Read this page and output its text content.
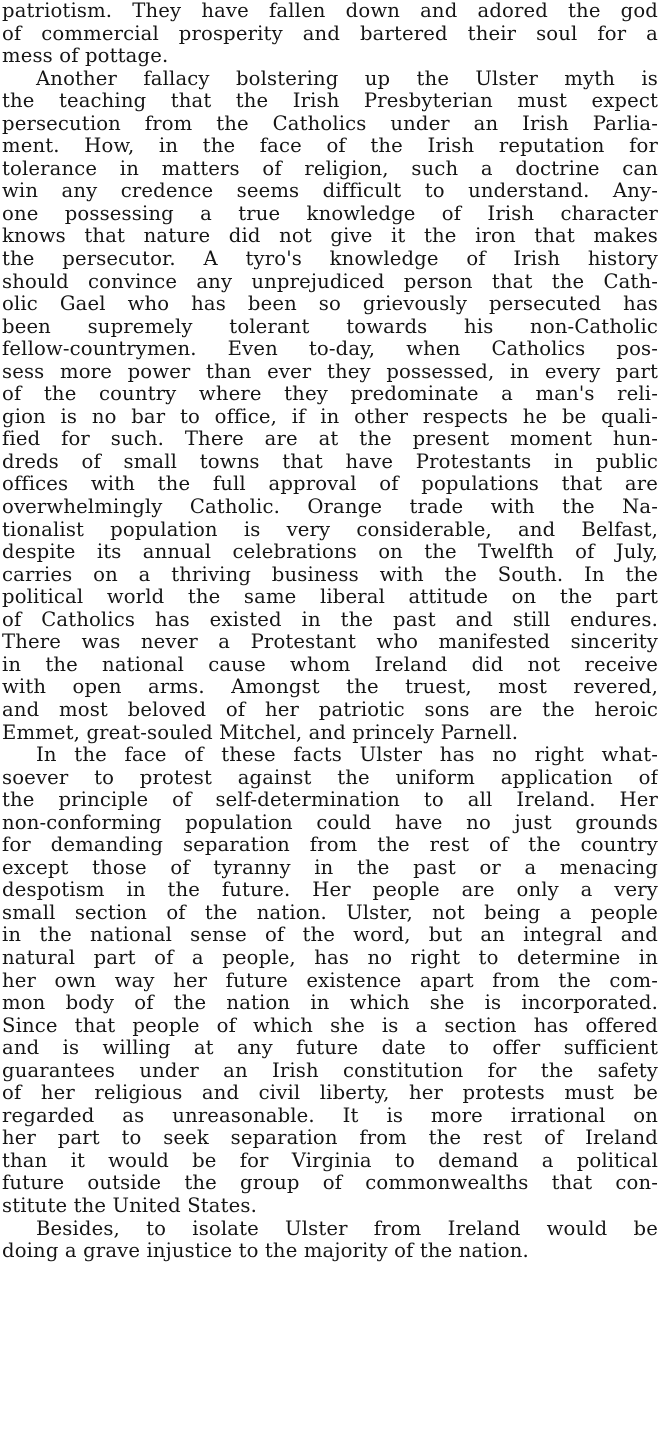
patriotism. They have fallen down and adored the god
of commercial prosperity and bartered their soul for a
mess of pottage.
Another fallacy bolstering up the Ulster myth is
the teaching that the Irish Presbyterian must expect
persecution from the Catholics under an Irish Parlia-
ment. How, in the face of the Irish reputation for
tolerance in matters of religion, such a doctrine can
win any credence seems difficult to understand. Any-
one possessing a true knowledge of Irish character
knows that nature did not give it the iron that makes
the persecutor. A tyro's knowledge of Irish history
should convince any unprejudiced person that the Cath-
olic Gael who has been so grievously persecuted has
been supremely tolerant towards his non-Catholic
fellow-countrymen. Even to-day, when Catholics pos-
sess more power than ever they possessed, in every part
of the country where they predominate a man's reli-
gion is no bar to office, if in other respects he be quali-
fied for such. There are at the present moment hun-
dreds of small towns that have Protestants in public
offices with the full approval of populations that are
overwhelmingly Catholic. Orange trade with the Na-
tionalist population is very considerable, and Belfast,
despite its annual celebrations on the Twelfth of July,
carries on a thriving business with the South. In the
political world the same liberal attitude on the part
of Catholics has existed in the past and still endures.
There was never a Protestant who manifested sincerity
in the national cause whom Ireland did not receive
with open arms. Amongst the truest, most revered,
and most beloved of her patriotic sons are the heroic
Emmet, great-souled Mitchel, and princely Parnell.
In the face of these facts Ulster has no right what-
soever to protest against the uniform application of
the principle of self-determination to all Ireland. Her
non-conforming population could have no just grounds
for demanding separation from the rest of the country
except those of tyranny in the past or a menacing
despotism in the future. Her people are only a very
small section of the nation. Ulster, not being a people
in the national sense of the word, but an integral and
natural part of a people, has no right to determine in
her own way her future existence apart from the com-
mon body of the nation in which she is incorporated.
Since that people of which she is a section has offered
and is willing at any future date to offer sufficient
guarantees under an Irish constitution for the safety
of her religious and civil liberty, her protests must be
regarded as unreasonable. It is more irrational on
her part to seek separation from the rest of Ireland
than it would be for Virginia to demand a political
future outside the group of commonwealths that con-
stitute the United States.
Besides, to isolate Ulster from Ireland would be
doing a grave injustice to the majority of the nation.
